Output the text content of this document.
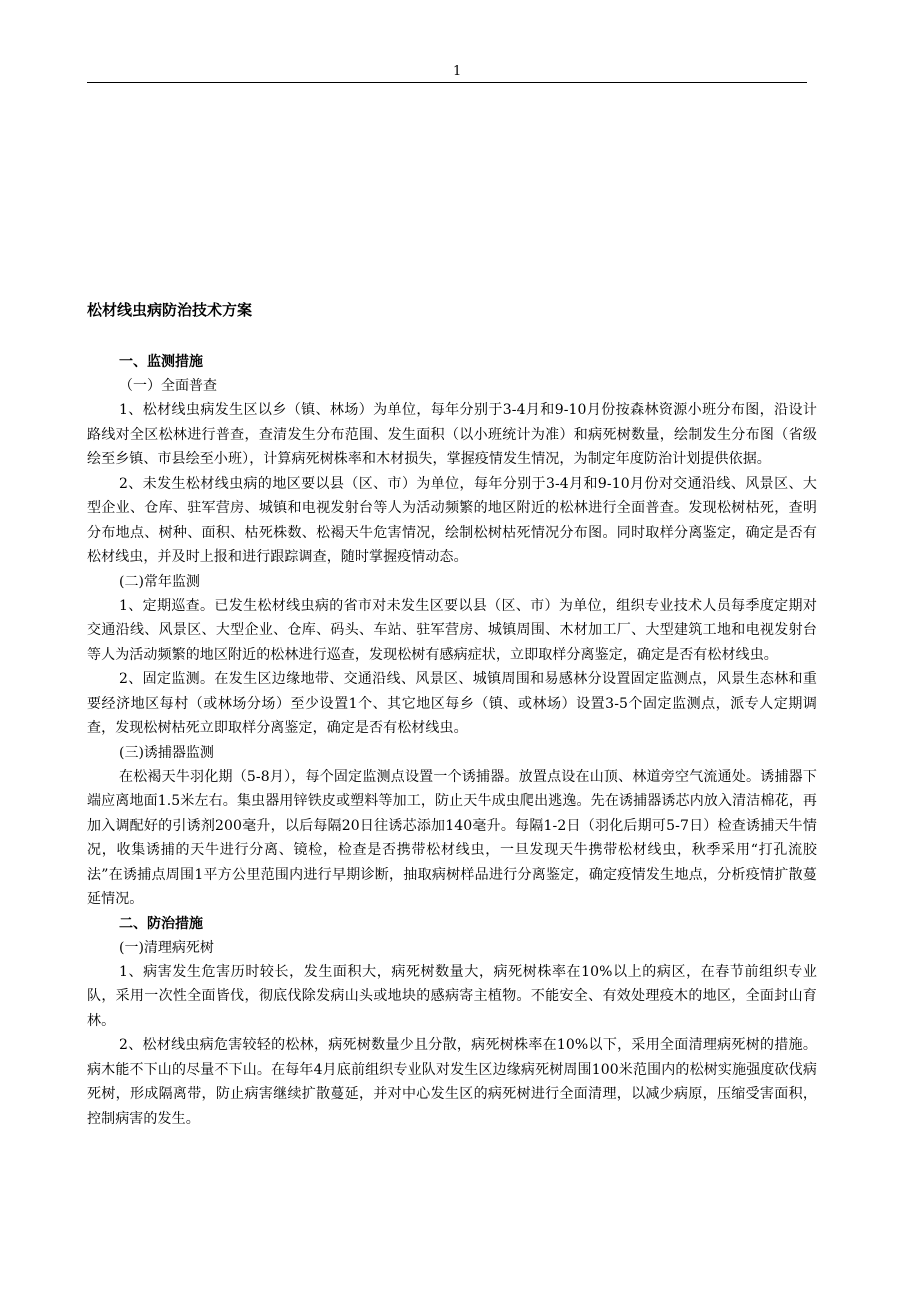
1
松材线虫病防治技术方案
一、监测措施
（一）全面普查

1、松材线虫病发生区以乡（镇、林场）为单位，每年分别于3-4月和9-10月份按森林资源小班分布图，沿设计路线对全区松林进行普查，查清发生分布范围、发生面积（以小班统计为准）和病死树数量，绘制发生分布图（省级绘至乡镇、市县绘至小班），计算病死树株率和木材损失，掌握疫情发生情况，为制定年度防治计划提供依据。

2、未发生松材线虫病的地区要以县（区、市）为单位，每年分别于3-4月和9-10月份对交通沿线、风景区、大型企业、仓库、驻军营房、城镇和电视发射台等人为活动频繁的地区附近的松林进行全面普查。发现松树枯死，查明分布地点、树种、面积、枯死株数、松褐天牛危害情况，绘制松树枯死情况分布图。同时取样分离鉴定，确定是否有松材线虫，并及时上报和进行跟踪调查，随时掌握疫情动态。

(二)常年监测

1、定期巡查。已发生松材线虫病的省市对未发生区要以县（区、市）为单位，组织专业技术人员每季度定期对交通沿线、风景区、大型企业、仓库、码头、车站、驻军营房、城镇周围、木材加工厂、大型建筑工地和电视发射台等人为活动频繁的地区附近的松林进行巡查，发现松树有感病症状，立即取样分离鉴定，确定是否有松材线虫。

2、固定监测。在发生区边缘地带、交通沿线、风景区、城镇周围和易感林分设置固定监测点，风景生态林和重要经济地区每村（或林场分场）至少设置1个、其它地区每乡（镇、或林场）设置3-5个固定监测点，派专人定期调查，发现松树枯死立即取样分离鉴定，确定是否有松材线虫。

(三)诱捕器监测

在松褐天牛羽化期（5-8月），每个固定监测点设置一个诱捕器。放置点设在山顶、林道旁空气流通处。诱捕器下端应离地面1.5米左右。集虫器用锌铁皮或塑料等加工，防止天牛成虫爬出逃逸。先在诱捕器诱芯内放入清洁棉花，再加入调配好的引诱剂200毫升，以后每隔20日往诱芯添加140毫升。每隔1-2日（羽化后期可5-7日）检查诱捕天牛情况，收集诱捕的天牛进行分离、镜检，检查是否携带松材线虫，一旦发现天牛携带松材线虫，秋季采用“打孔流胶法”在诱捕点周围1平方公里范围内进行早期诊断，抽取病树样品进行分离鉴定，确定疫情发生地点，分析疫情扩散蔓延情况。

二、防治措施
(一)清理病死树

1、病害发生危害历时较长，发生面积大，病死树数量大，病死树株率在10%以上的病区，在春节前组织专业队，采用一次性全面皆伐，彻底伐除发病山头或地块的感病寄主植物。不能安全、有效处理疫木的地区，全面封山育林。

2、松材线虫病危害较轻的松林，病死树数量少且分散，病死树株率在10%以下，采用全面清理病死树的措施。病木能不下山的尽量不下山。在每年4月底前组织专业队对发生区边缘病死树周围100米范围内的松树实施强度砍伐病死树，形成隔离带，防止病害继续扩散蔓延，并对中心发生区的病死树进行全面清理，以减少病原，压缩受害面积，控制病害的发生。
